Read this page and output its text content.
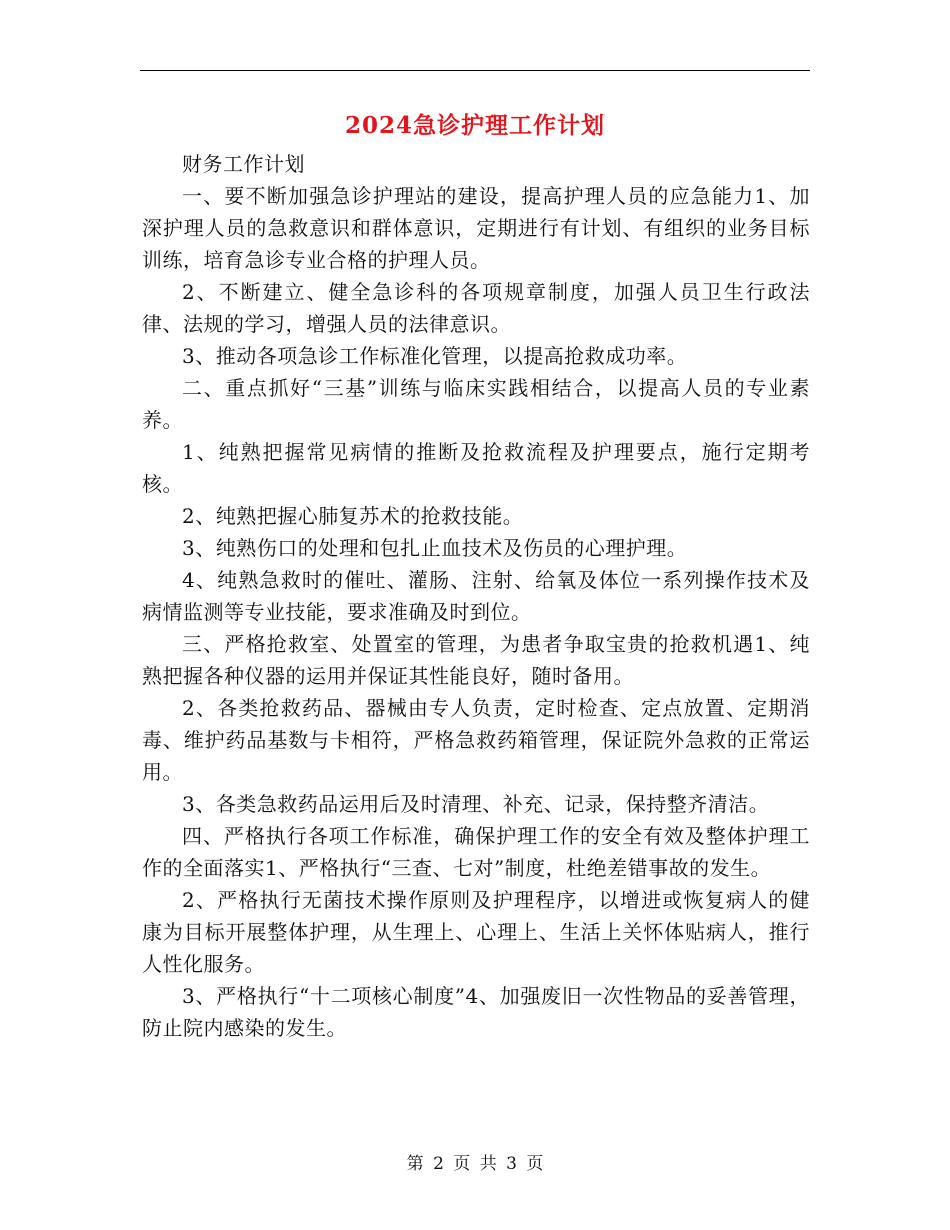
2024急诊护理工作计划

财务工作计划

一、要不断加强急诊护理站的建设，提高护理人员的应急能力1、加深护理人员的急救意识和群体意识，定期进行有计划、有组织的业务目标训练，培育急诊专业合格的护理人员。

2、不断建立、健全急诊科的各项规章制度，加强人员卫生行政法律、法规的学习，增强人员的法律意识。

3、推动各项急诊工作标准化管理，以提高抢救成功率。

二、重点抓好“三基”训练与临床实践相结合，以提高人员的专业素养。

1、纯熟把握常见病情的推断及抢救流程及护理要点，施行定期考核。

2、纯熟把握心肺复苏术的抢救技能。

3、纯熟伤口的处理和包扎止血技术及伤员的心理护理。

4、纯熟急救时的催吐、灌肠、注射、给氧及体位一系列操作技术及病情监测等专业技能，要求准确及时到位。

三、严格抢救室、处置室的管理，为患者争取宝贵的抢救机遇1、纯熟把握各种仪器的运用并保证其性能良好，随时备用。

2、各类抢救药品、器械由专人负责，定时检查、定点放置、定期消毒、维护药品基数与卡相符，严格急救药箱管理，保证院外急救的正常运用。

3、各类急救药品运用后及时清理、补充、记录，保持整齐清洁。

四、严格执行各项工作标准，确保护理工作的安全有效及整体护理工作的全面落实1、严格执行“三查、七对”制度，杜绝差错事故的发生。

2、严格执行无菌技术操作原则及护理程序，以增进或恢复病人的健康为目标开展整体护理，从生理上、心理上、生活上关怀体贴病人，推行人性化服务。

3、严格执行“十二项核心制度”4、加强废旧一次性物品的妥善管理，防止院内感染的发生。

第 2 页 共 3 页
